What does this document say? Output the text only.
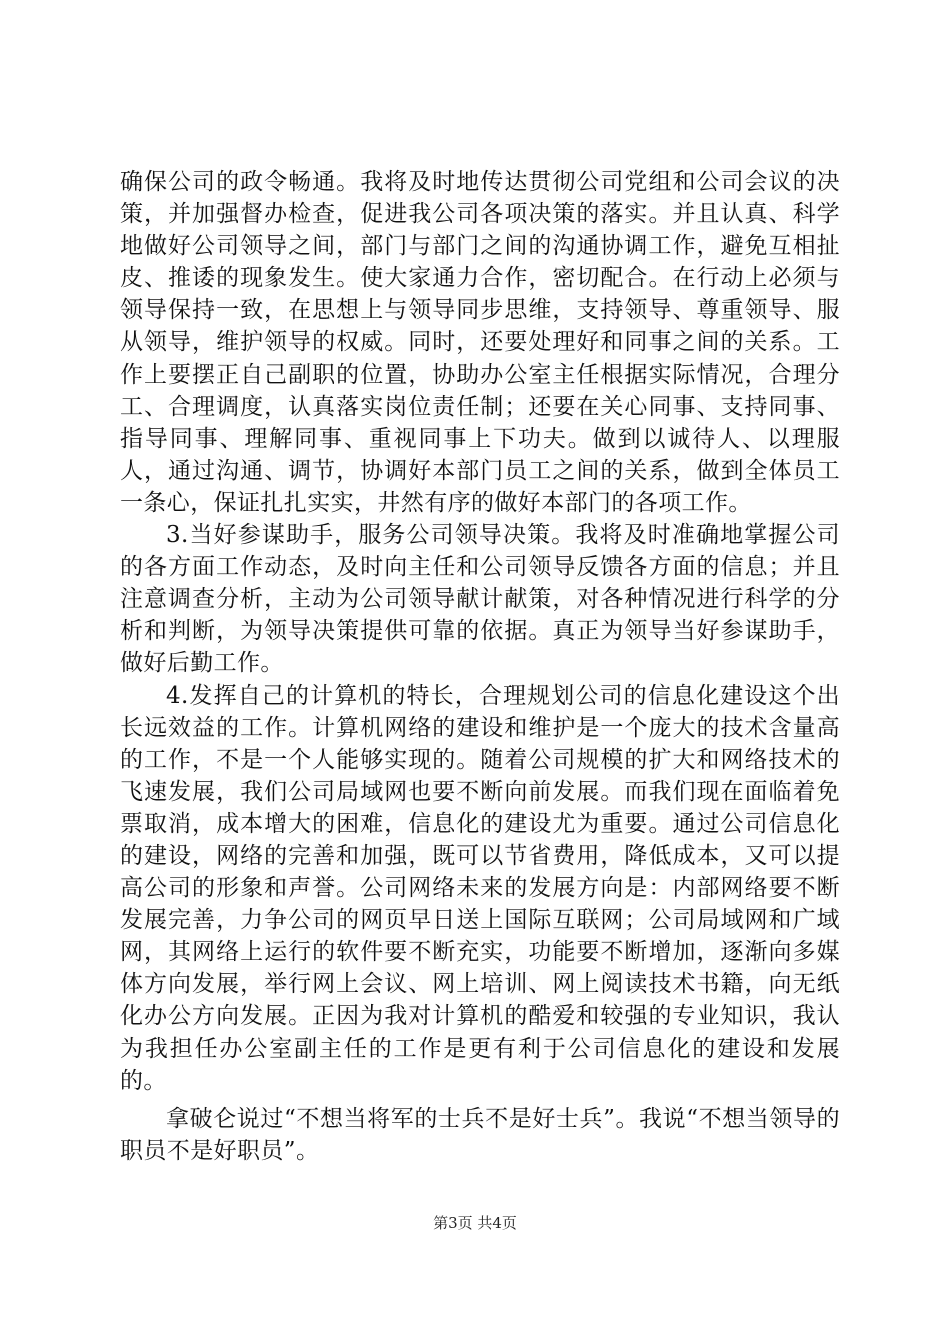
确保公司的政令畅通。我将及时地传达贯彻公司党组和公司会议的决策，并加强督办检查，促进我公司各项决策的落实。并且认真、科学地做好公司领导之间，部门与部门之间的沟通协调工作，避免互相扯皮、推诿的现象发生。使大家通力合作，密切配合。在行动上必须与领导保持一致，在思想上与领导同步思维，支持领导、尊重领导、服从领导，维护领导的权威。同时，还要处理好和同事之间的关系。工作上要摆正自己副职的位置，协助办公室主任根据实际情况，合理分工、合理调度，认真落实岗位责任制；还要在关心同事、支持同事、指导同事、理解同事、重视同事上下功夫。做到以诚待人、以理服人，通过沟通、调节，协调好本部门员工之间的关系，做到全体员工一条心，保证扎扎实实，井然有序的做好本部门的各项工作。

3.当好参谋助手，服务公司领导决策。我将及时准确地掌握公司的各方面工作动态，及时向主任和公司领导反馈各方面的信息；并且注意调查分析，主动为公司领导献计献策，对各种情况进行科学的分析和判断，为领导决策提供可靠的依据。真正为领导当好参谋助手，做好后勤工作。

4.发挥自己的计算机的特长，合理规划公司的信息化建设这个出长远效益的工作。计算机网络的建设和维护是一个庞大的技术含量高的工作，不是一个人能够实现的。随着公司规模的扩大和网络技术的飞速发展，我们公司局域网也要不断向前发展。而我们现在面临着免票取消，成本增大的困难，信息化的建设尤为重要。通过公司信息化的建设，网络的完善和加强，既可以节省费用，降低成本，又可以提高公司的形象和声誉。公司网络未来的发展方向是：内部网络要不断发展完善，力争公司的网页早日送上国际互联网；公司局域网和广域网，其网络上运行的软件要不断充实，功能要不断增加，逐渐向多媒体方向发展，举行网上会议、网上培训、网上阅读技术书籍，向无纸化办公方向发展。正因为我对计算机的酷爱和较强的专业知识，我认为我担任办公室副主任的工作是更有利于公司信息化的建设和发展的。

拿破仑说过“不想当将军的士兵不是好士兵”。我说“不想当领导的职员不是好职员”。

第3页 共4页
